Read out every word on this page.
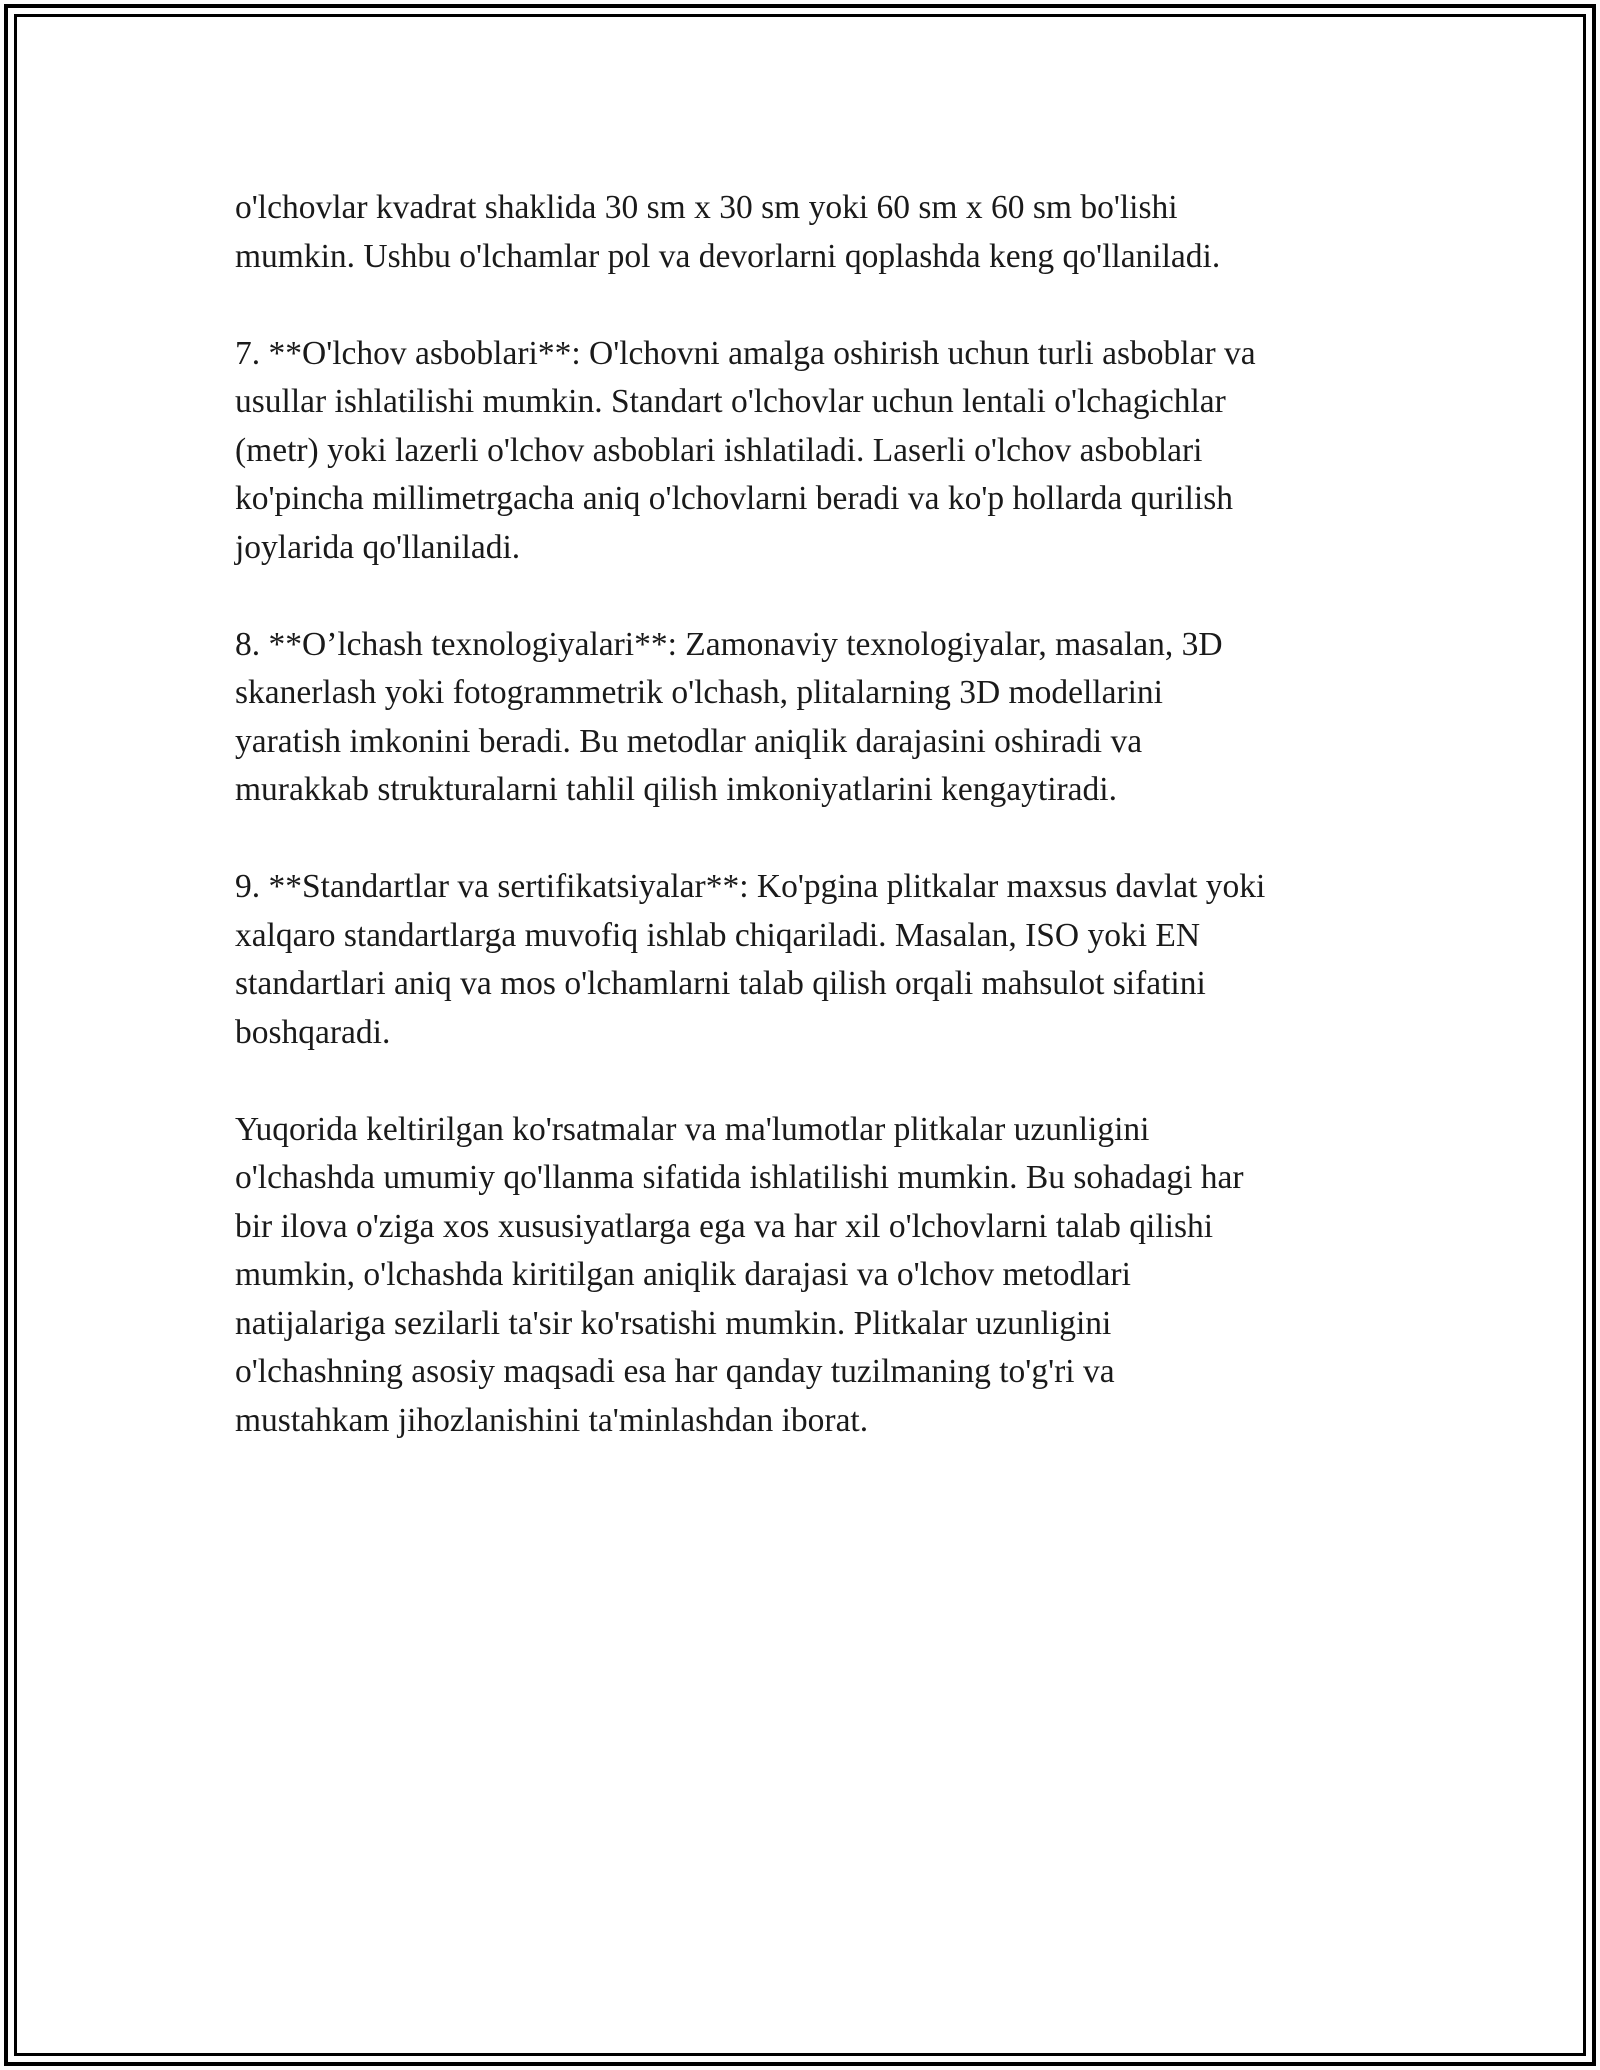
o'lchovlar kvadrat shaklida 30 sm x 30 sm yoki 60 sm x 60 sm bo'lishi
mumkin. Ushbu o'lchamlar pol va devorlarni qoplashda keng qo'llaniladi.

7. **O'lchov asboblari**: O'lchovni amalga oshirish uchun turli asboblar va
usullar ishlatilishi mumkin. Standart o'lchovlar uchun lentali o'lchagichlar
(metr) yoki lazerli o'lchov asboblari ishlatiladi. Laserli o'lchov asboblari
ko'pincha millimetrgacha aniq o'lchovlarni beradi va ko'p hollarda qurilish
joylarida qo'llaniladi.

8. **O’lchash texnologiyalari**: Zamonaviy texnologiyalar, masalan, 3D
skanerlash yoki fotogrammetrik o'lchash, plitalarning 3D modellarini
yaratish imkonini beradi. Bu metodlar aniqlik darajasini oshiradi va
murakkab strukturalarni tahlil qilish imkoniyatlarini kengaytiradi.

9. **Standartlar va sertifikatsiyalar**: Ko'pgina plitkalar maxsus davlat yoki
xalqaro standartlarga muvofiq ishlab chiqariladi. Masalan, ISO yoki EN
standartlari aniq va mos o'lchamlarni talab qilish orqali mahsulot sifatini
boshqaradi.

Yuqorida keltirilgan ko'rsatmalar va ma'lumotlar plitkalar uzunligini
o'lchashda umumiy qo'llanma sifatida ishlatilishi mumkin. Bu sohadagi har
bir ilova o'ziga xos xususiyatlarga ega va har xil o'lchovlarni talab qilishi
mumkin, o'lchashda kiritilgan aniqlik darajasi va o'lchov metodlari
natijalariga sezilarli ta'sir ko'rsatishi mumkin. Plitkalar uzunligini
o'lchashning asosiy maqsadi esa har qanday tuzilmaning to'g'ri va
mustahkam jihozlanishini ta'minlashdan iborat.
